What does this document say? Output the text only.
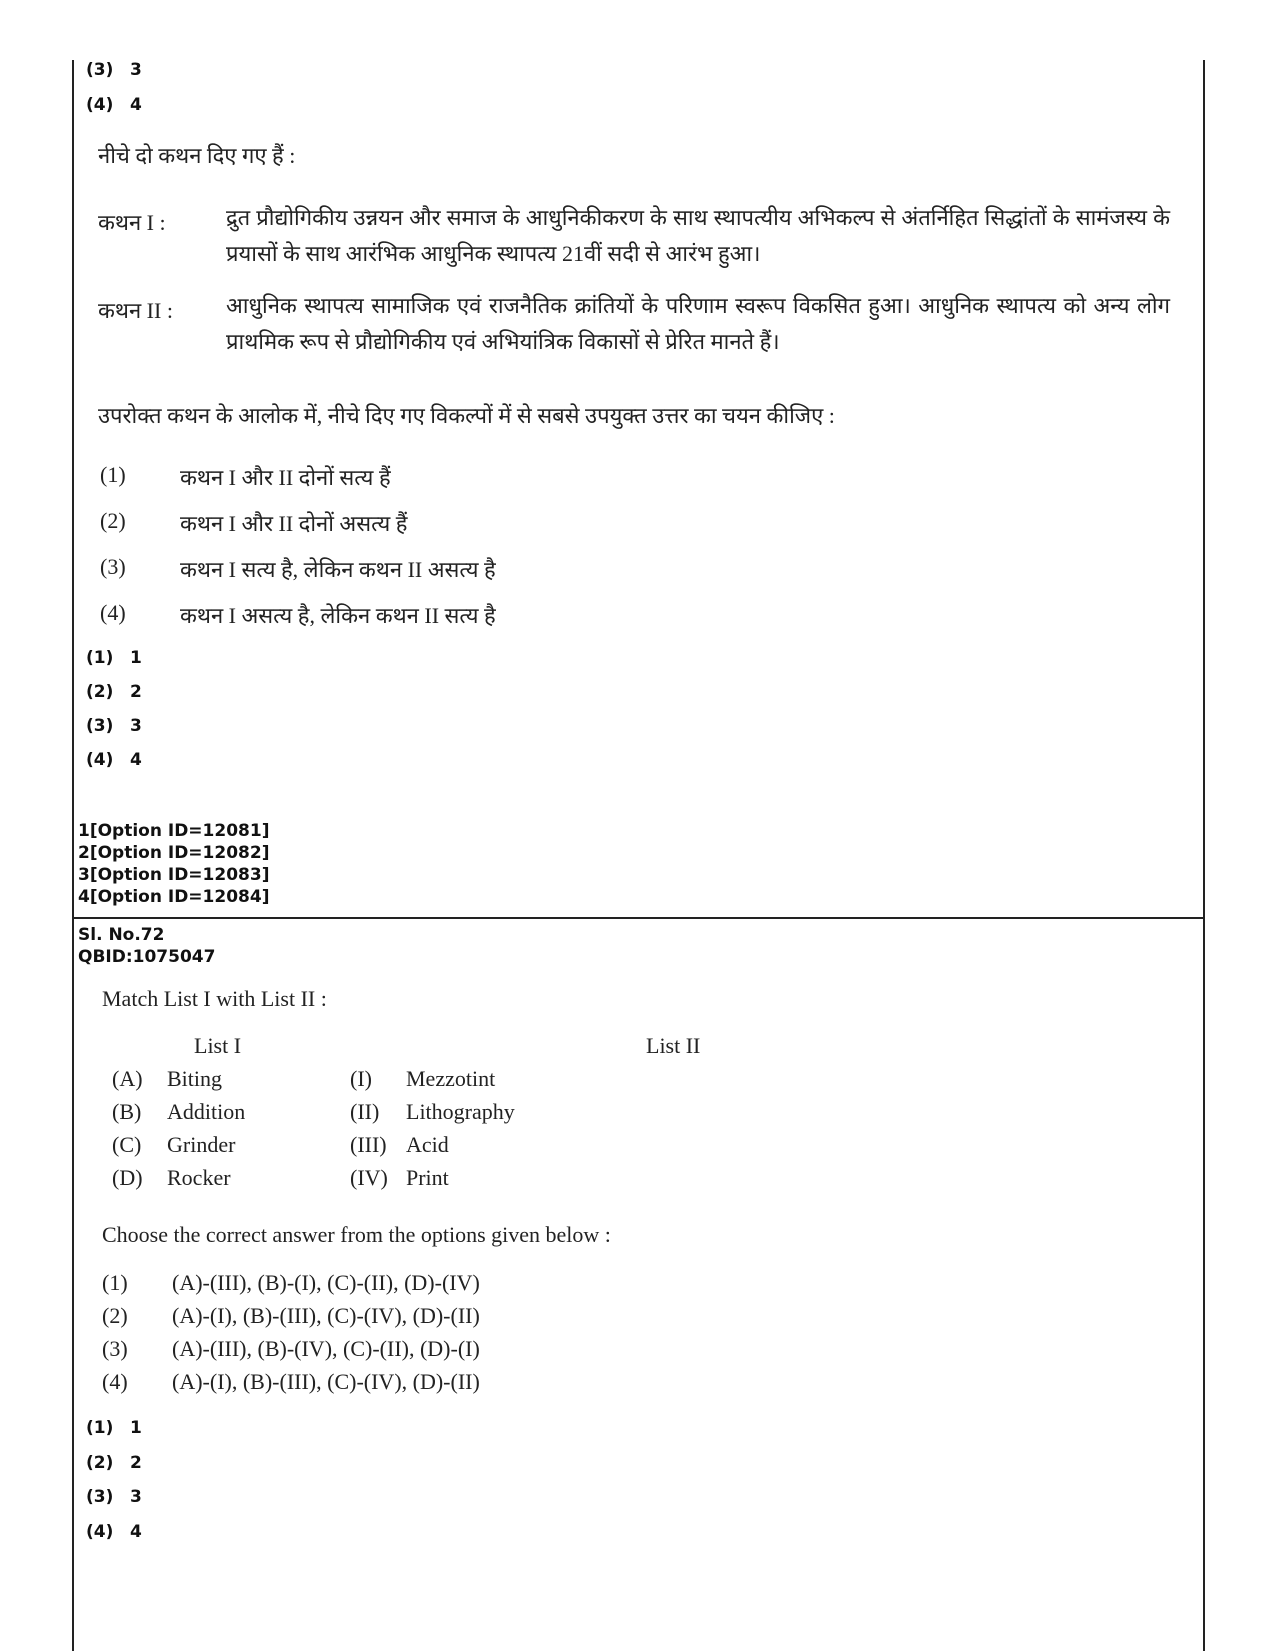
(3) 3
(4) 4
नीचे दो कथन दिए गए हैं :
कथन I :	द्रुत प्रौद्योगिकीय उन्नयन और समाज के आधुनिकीकरण के साथ स्थापत्यीय अभिकल्प से अंतर्निहित सिद्धांतों के सामंजस्य के प्रयासों के साथ आरंभिक आधुनिक स्थापत्य 21वीं सदी से आरंभ हुआ।
कथन II :	आधुनिक स्थापत्य सामाजिक एवं राजनैतिक क्रांतियों के परिणाम स्वरूप विकसित हुआ। आधुनिक स्थापत्य को अन्य लोग प्राथमिक रूप से प्रौद्योगिकीय एवं अभियांत्रिक विकासों से प्रेरित मानते हैं।
उपरोक्त कथन के आलोक में, नीचे दिए गए विकल्पों में से सबसे उपयुक्त उत्तर का चयन कीजिए :
(1) कथन I और II दोनों सत्य हैं
(2) कथन I और II दोनों असत्य हैं
(3) कथन I सत्य है, लेकिन कथन II असत्य है
(4) कथन I असत्य है, लेकिन कथन II सत्य है
(1) 1
(2) 2
(3) 3
(4) 4
1[Option ID=12081]
2[Option ID=12082]
3[Option ID=12083]
4[Option ID=12084]
Sl. No.72
QBID:1075047
Match List I with List II :
List I	List II
(A) Biting	(I) Mezzotint
(B) Addition	(II) Lithography
(C) Grinder	(III) Acid
(D) Rocker	(IV) Print
Choose the correct answer from the options given below :
(1) (A)-(III), (B)-(I), (C)-(II), (D)-(IV)
(2) (A)-(I), (B)-(III), (C)-(IV), (D)-(II)
(3) (A)-(III), (B)-(IV), (C)-(II), (D)-(I)
(4) (A)-(I), (B)-(III), (C)-(IV), (D)-(II)
(1) 1
(2) 2
(3) 3
(4) 4
